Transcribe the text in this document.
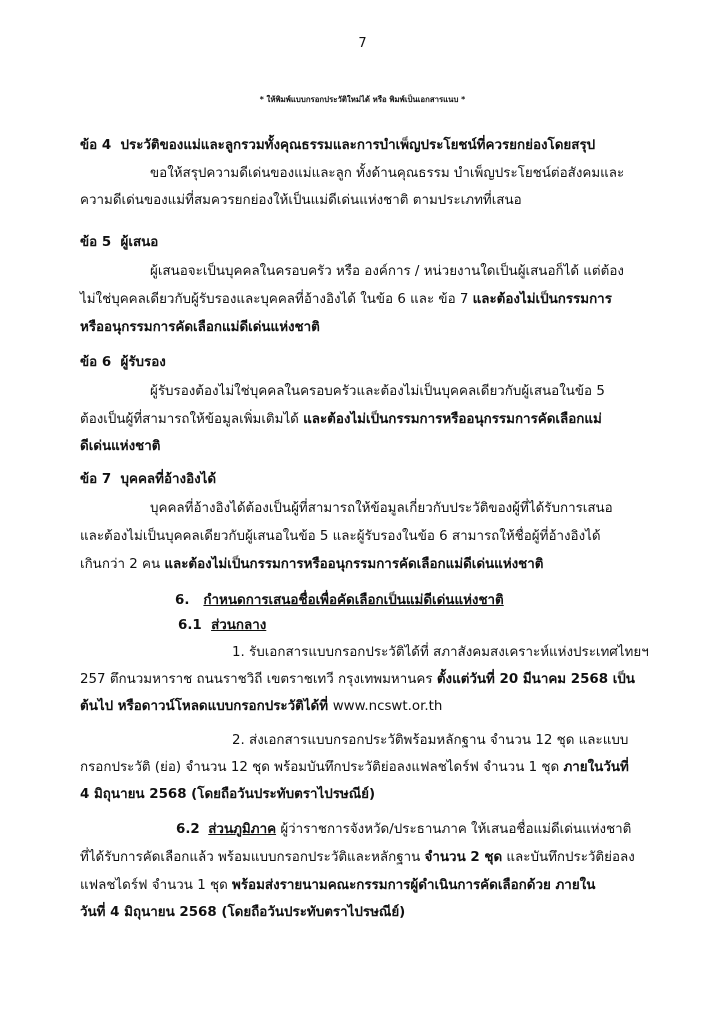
7
* ให้พิมพ์แบบกรอกประวัติใหม่ได้ หรือ พิมพ์เป็นเอกสารแนบ *
ข้อ 4 ประวัติของแม่และลูกรวมทั้งคุณธรรมและการบำเพ็ญประโยชน์ที่ควรยกย่องโดยสรุป
ขอให้สรุปความดีเด่นของแม่และลูก ทั้งด้านคุณธรรม บำเพ็ญประโยชน์ต่อสังคมและ
ความดีเด่นของแม่ที่สมควรยกย่องให้เป็นแม่ดีเด่นแห่งชาติ ตามประเภทที่เสนอ
ข้อ 5 ผู้เสนอ
ผู้เสนอจะเป็นบุคคลในครอบครัว หรือ องค์การ / หน่วยงานใดเป็นผู้เสนอก็ได้ แต่ต้อง
ไม่ใช่บุคคลเดียวกับผู้รับรองและบุคคลที่อ้างอิงได้ ในข้อ 6 และ ข้อ 7 และต้องไม่เป็นกรรมการ
หรืออนุกรรมการคัดเลือกแม่ดีเด่นแห่งชาติ
ข้อ 6 ผู้รับรอง
ผู้รับรองต้องไม่ใช่บุคคลในครอบครัวและต้องไม่เป็นบุคคลเดียวกับผู้เสนอในข้อ 5
ต้องเป็นผู้ที่สามารถให้ข้อมูลเพิ่มเติมได้ และต้องไม่เป็นกรรมการหรืออนุกรรมการคัดเลือกแม่
ดีเด่นแห่งชาติ
ข้อ 7 บุคคลที่อ้างอิงได้
บุคคลที่อ้างอิงได้ต้องเป็นผู้ที่สามารถให้ข้อมูลเกี่ยวกับประวัติของผู้ที่ได้รับการเสนอ
และต้องไม่เป็นบุคคลเดียวกับผู้เสนอในข้อ 5 และผู้รับรองในข้อ 6 สามารถให้ชื่อผู้ที่อ้างอิงได้
เกินกว่า 2 คน และต้องไม่เป็นกรรมการหรืออนุกรรมการคัดเลือกแม่ดีเด่นแห่งชาติ
6. กำหนดการเสนอชื่อเพื่อคัดเลือกเป็นแม่ดีเด่นแห่งชาติ
6.1 ส่วนกลาง
1. รับเอกสารแบบกรอกประวัติได้ที่ สภาสังคมสงเคราะห์แห่งประเทศไทยฯ
257 ตึกนวมหาราช ถนนราชวิถี เขตราชเทวี กรุงเทพมหานคร ตั้งแต่วันที่ 20 มีนาคม 2568 เป็น
ต้นไป หรือดาวน์โหลดแบบกรอกประวัติได้ที่ www.ncswt.or.th
2. ส่งเอกสารแบบกรอกประวัติพร้อมหลักฐาน จำนวน 12 ชุด และแบบ
กรอกประวัติ (ย่อ) จำนวน 12 ชุด พร้อมบันทึกประวัติย่อลงแฟลชไดร์ฟ จำนวน 1 ชุด ภายในวันที่
4 มิถุนายน 2568 (โดยถือวันประทับตราไปรษณีย์)
6.2 ส่วนภูมิภาค ผู้ว่าราชการจังหวัด/ประธานภาค ให้เสนอชื่อแม่ดีเด่นแห่งชาติ
ที่ได้รับการคัดเลือกแล้ว พร้อมแบบกรอกประวัติและหลักฐาน จำนวน 2 ชุด และบันทึกประวัติย่อลง
แฟลชไดร์ฟ จำนวน 1 ชุด พร้อมส่งรายนามคณะกรรมการผู้ดำเนินการคัดเลือกด้วย ภายใน
วันที่ 4 มิถุนายน 2568 (โดยถือวันประทับตราไปรษณีย์)
